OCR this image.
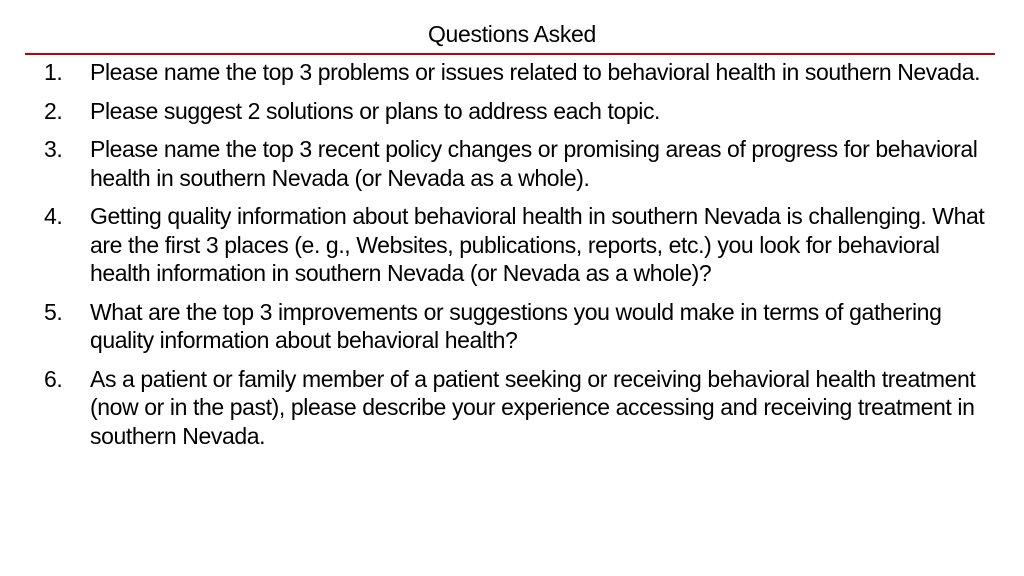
Questions Asked
1. Please name the top 3 problems or issues related to behavioral health in southern Nevada.
2. Please suggest 2 solutions or plans to address each topic.
3. Please name the top 3 recent policy changes or promising areas of progress for behavioral health in southern Nevada (or Nevada as a whole).
4. Getting quality information about behavioral health in southern Nevada is challenging. What are the first 3 places (e. g., Websites, publications, reports, etc.) you look for behavioral health information in southern Nevada (or Nevada as a whole)?
5. What are the top 3 improvements or suggestions you would make in terms of gathering quality information about behavioral health?
6. As a patient or family member of a patient seeking or receiving behavioral health treatment (now or in the past), please describe your experience accessing and receiving treatment in southern Nevada.
